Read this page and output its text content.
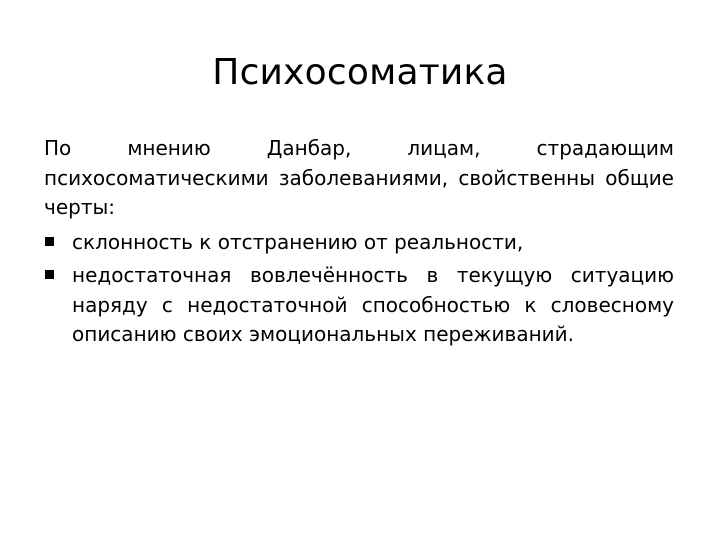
Психосоматика

По мнению Данбар, лицам, страдающим психосоматическими заболеваниями, свойственны общие черты:

склонность к отстранению от реальности,
недостаточная вовлечённость в текущую ситуацию наряду с недостаточной способностью к словесному описанию своих эмоциональных переживаний.
